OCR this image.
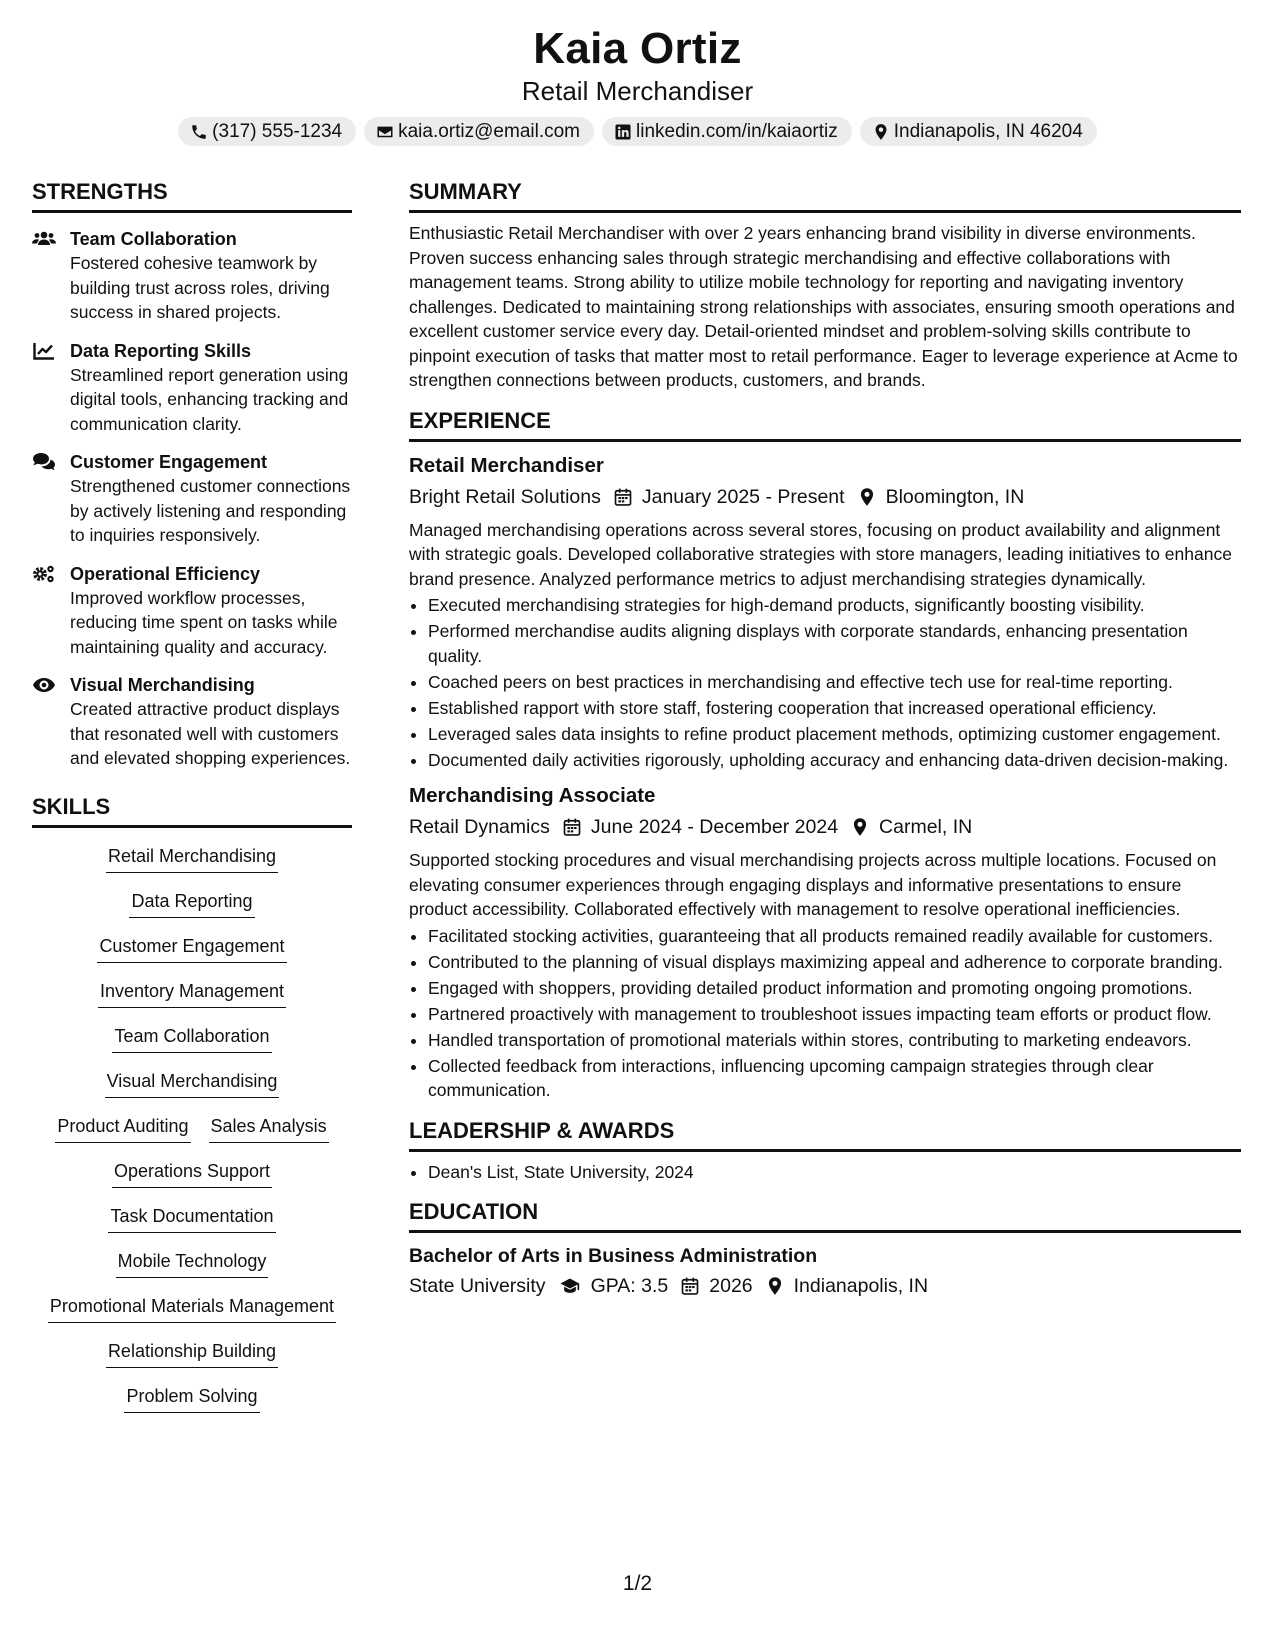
Kaia Ortiz
Retail Merchandiser
(317) 555-1234	kaia.ortiz@email.com	linkedin.com/in/kaiaortiz	Indianapolis, IN 46204
STRENGTHS
Team Collaboration
Fostered cohesive teamwork by building trust across roles, driving success in shared projects.
Data Reporting Skills
Streamlined report generation using digital tools, enhancing tracking and communication clarity.
Customer Engagement
Strengthened customer connections by actively listening and responding to inquiries responsively.
Operational Efficiency
Improved workflow processes, reducing time spent on tasks while maintaining quality and accuracy.
Visual Merchandising
Created attractive product displays that resonated well with customers and elevated shopping experiences.
SKILLS
Retail Merchandising
Data Reporting
Customer Engagement
Inventory Management
Team Collaboration
Visual Merchandising
Product Auditing Sales Analysis
Operations Support
Task Documentation
Mobile Technology
Promotional Materials Management
Relationship Building
Problem Solving
SUMMARY
Enthusiastic Retail Merchandiser with over 2 years enhancing brand visibility in diverse environments. Proven success enhancing sales through strategic merchandising and effective collaborations with management teams. Strong ability to utilize mobile technology for reporting and navigating inventory challenges. Dedicated to maintaining strong relationships with associates, ensuring smooth operations and excellent customer service every day. Detail-oriented mindset and problem-solving skills contribute to pinpoint execution of tasks that matter most to retail performance. Eager to leverage experience at Acme to strengthen connections between products, customers, and brands.
EXPERIENCE
Retail Merchandiser
Bright Retail Solutions January 2025 - Present Bloomington, IN
Managed merchandising operations across several stores, focusing on product availability and alignment with strategic goals. Developed collaborative strategies with store managers, leading initiatives to enhance brand presence. Analyzed performance metrics to adjust merchandising strategies dynamically.
• Executed merchandising strategies for high-demand products, significantly boosting visibility.
• Performed merchandise audits aligning displays with corporate standards, enhancing presentation quality.
• Coached peers on best practices in merchandising and effective tech use for real-time reporting.
• Established rapport with store staff, fostering cooperation that increased operational efficiency.
• Leveraged sales data insights to refine product placement methods, optimizing customer engagement.
• Documented daily activities rigorously, upholding accuracy and enhancing data-driven decision-making.
Merchandising Associate
Retail Dynamics June 2024 - December 2024 Carmel, IN
Supported stocking procedures and visual merchandising projects across multiple locations. Focused on elevating consumer experiences through engaging displays and informative presentations to ensure product accessibility. Collaborated effectively with management to resolve operational inefficiencies.
• Facilitated stocking activities, guaranteeing that all products remained readily available for customers.
• Contributed to the planning of visual displays maximizing appeal and adherence to corporate branding.
• Engaged with shoppers, providing detailed product information and promoting ongoing promotions.
• Partnered proactively with management to troubleshoot issues impacting team efforts or product flow.
• Handled transportation of promotional materials within stores, contributing to marketing endeavors.
• Collected feedback from interactions, influencing upcoming campaign strategies through clear communication.
LEADERSHIP & AWARDS
• Dean's List, State University, 2024
EDUCATION
Bachelor of Arts in Business Administration
State University GPA: 3.5 2026 Indianapolis, IN
1/2
